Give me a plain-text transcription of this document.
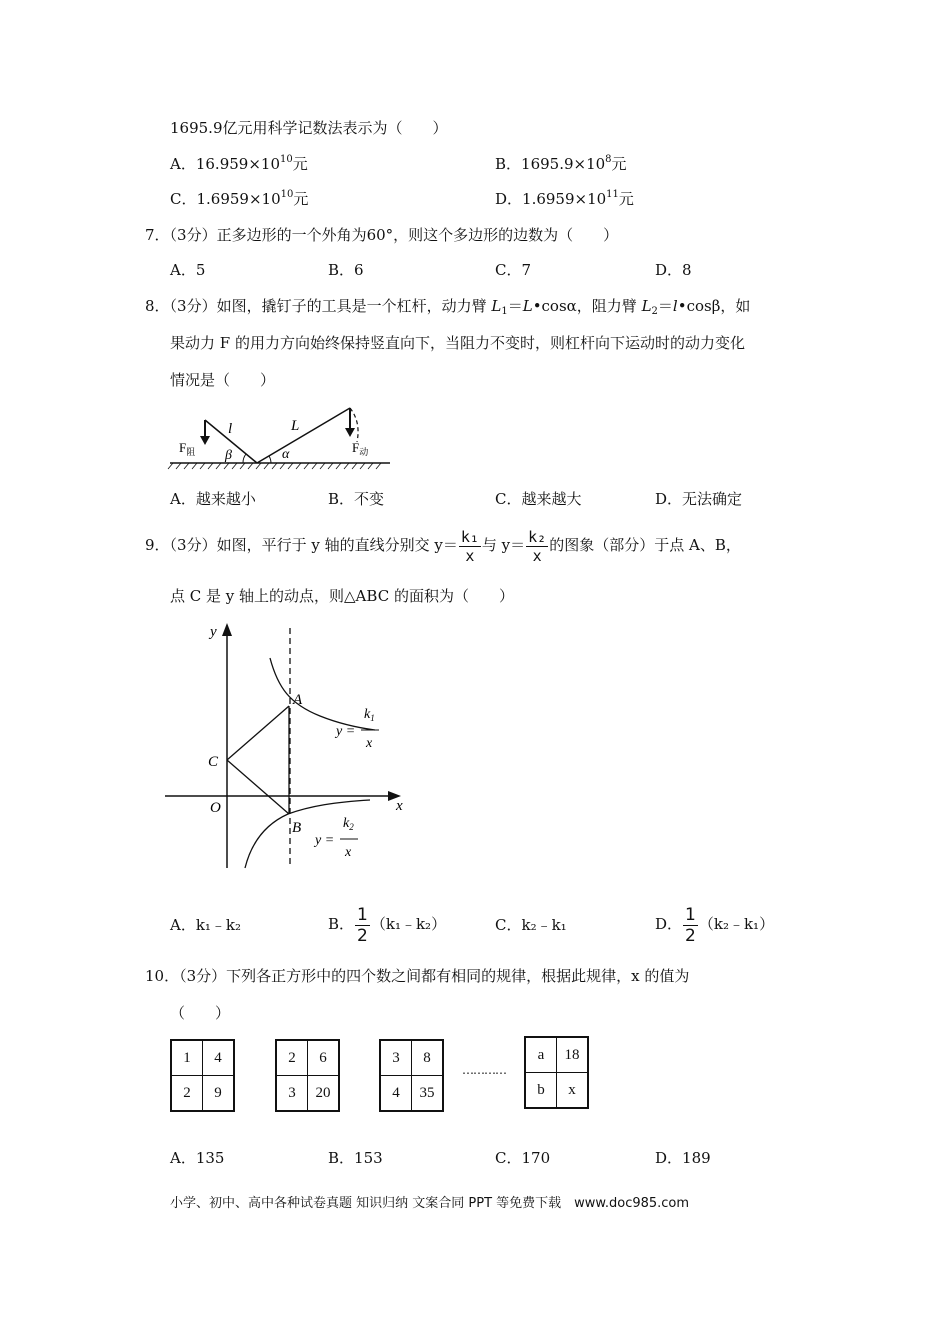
1695.9亿元用科学记数法表示为（　　）
A．$16.959\times 10^{10}$元	B．$1695.9\times 10^8$元
C．$1.6959\times 10^{10}$元	D．$1.6959\times 10^{11}$元
7．（3分）正多边形的一个外角为60°，则这个多边形的边数为（　　）
A．5	B．6	C．7	D．8
8．（3分）如图，撬钉子的工具是一个杠杆，动力臂 $L_1=L•\cos\alpha$，阻力臂 $L_2=l•\cos\beta$，如
果动力 F 的用力方向始终保持竖直向下，当阻力不变时，则杠杆向下运动时的动力变化
情况是（　　）
$F_阻$
l	L
β	α	$F_动$
A．越来越小	B．不变	C．越来越大	D．无法确定
9．（3分）如图，平行于 y 轴的直线分别交 $y= \frac{\text{k₁}}{x}$ 与 $y= \frac{\text{k₂}}{x}$ 的图象（部分）于点 A、B，
点 C 是 y 轴上的动点，则△ABC 的面积为（　　）
y
x
O
A
B
C
y =
$k_1$
x
y =
$k_2$
x
A．k₁﹣k₂	B． $\frac{1}{2}$ （k₁﹣k₂）	C．k₂﹣k₁	D． $\frac{1}{2}$ （k₂﹣k₁）
10．（3分）下列各正方形中的四个数之间都有相同的规律，根据此规律，x 的值为
（　　）
1	4
2	9
2	6
3	20
3	8
4	35
…………
a	18
b	x
A．135	B．153	C．170	D．189
小学、初中、高中各种试卷真题 知识归纳 文案合同 PPT 等免费下载　www.doc985.com
